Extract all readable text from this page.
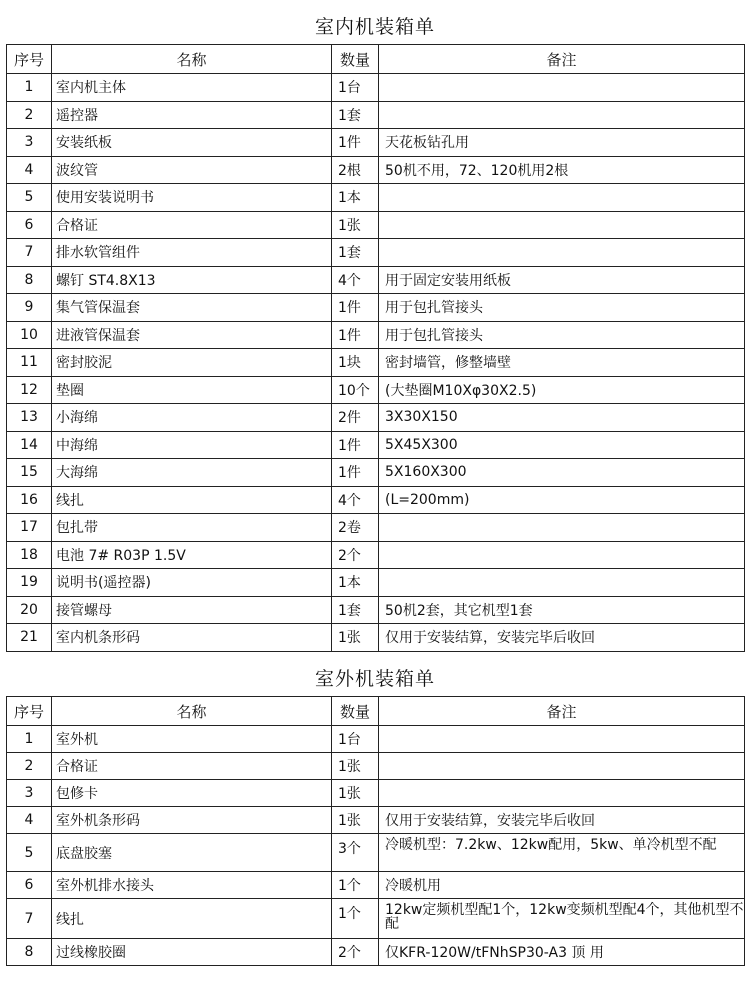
室内机装箱单
序号	名称	数量	备注
1	室内机主体	1台	
2	遥控器	1套	
3	安装纸板	1件	天花板钻孔用
4	波纹管	2根	50机不用，72、120机用2根
5	使用安装说明书	1本	
6	合格证	1张	
7	排水软管组件	1套	
8	螺钉 ST4.8X13	4个	用于固定安装用纸板
9	集气管保温套	1件	用于包扎管接头
10	进液管保温套	1件	用于包扎管接头
11	密封胶泥	1块	密封墙管，修整墙壁
12	垫圈	10个	(大垫圈M10Xφ30X2.5)
13	小海绵	2件	3X30X150
14	中海绵	1件	5X45X300
15	大海绵	1件	5X160X300
16	线扎	4个	(L=200mm)
17	包扎带	2卷	
18	电池 7# R03P 1.5V	2个	
19	说明书(遥控器)	1本	
20	接管螺母	1套	50机2套，其它机型1套
21	室内机条形码	1张	仅用于安装结算，安装完毕后收回
室外机装箱单
序号	名称	数量	备注
1	室外机	1台	
2	合格证	1张	
3	包修卡	1张	
4	室外机条形码	1张	仅用于安装结算，安装完毕后收回
5	底盘胶塞	3个	冷暖机型：7.2kw、12kw配用，5kw、单冷机型不配
6	室外机排水接头	1个	冷暖机用
7	线扎	1个	12kw定频机型配1个，12kw变频机型配4个，其他机型不配
8	过线橡胶圈	2个	仅KFR-120W/tFNhSP30-A3 顶 用
